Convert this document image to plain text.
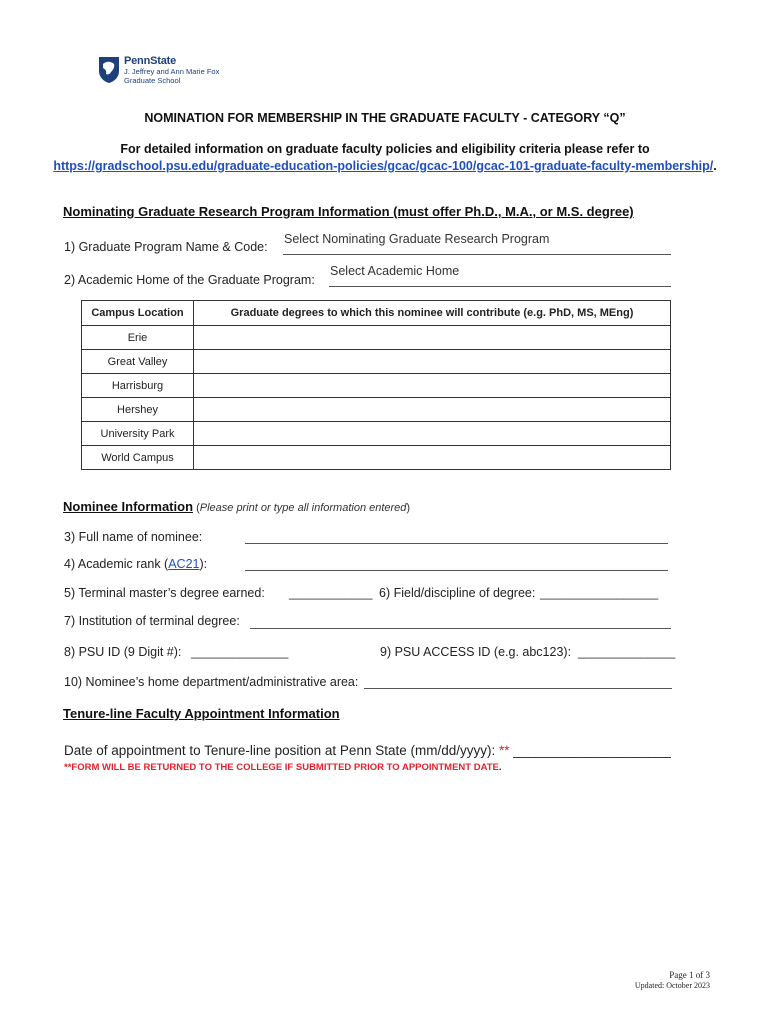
PennState
J. Jeffrey and Ann Marie Fox
Graduate School
NOMINATION FOR MEMBERSHIP IN THE GRADUATE FACULTY - CATEGORY “Q”
For detailed information on graduate faculty policies and eligibility criteria please refer to
https://gradschool.psu.edu/graduate-education-policies/gcac/gcac-100/gcac-101-graduate-faculty-membership/.
Nominating Graduate Research Program Information (must offer Ph.D., M.A., or M.S. degree)
1) Graduate Program Name & Code:
Select Nominating Graduate Research Program
2) Academic Home of the Graduate Program:
Select Academic Home
Campus Location	Graduate degrees to which this nominee will contribute (e.g. PhD, MS, MEng)
Erie	
Great Valley	
Harrisburg	
Hershey	
University Park	
World Campus	
Nominee Information (Please print or type all information entered)
3) Full name of nominee:
4) Academic rank (AC21):
5) Terminal master’s degree earned: ____________ 6) Field/discipline of degree: _________________
7) Institution of terminal degree:
8) PSU ID (9 Digit #): ______________	9) PSU ACCESS ID (e.g. abc123): ______________
10) Nominee’s home department/administrative area:
Tenure-line Faculty Appointment Information
Date of appointment to Tenure-line position at Penn State (mm/dd/yyyy): ** _____________________
**FORM WILL BE RETURNED TO THE COLLEGE IF SUBMITTED PRIOR TO APPOINTMENT DATE.
Page 1 of 3
Updated: October 2023
